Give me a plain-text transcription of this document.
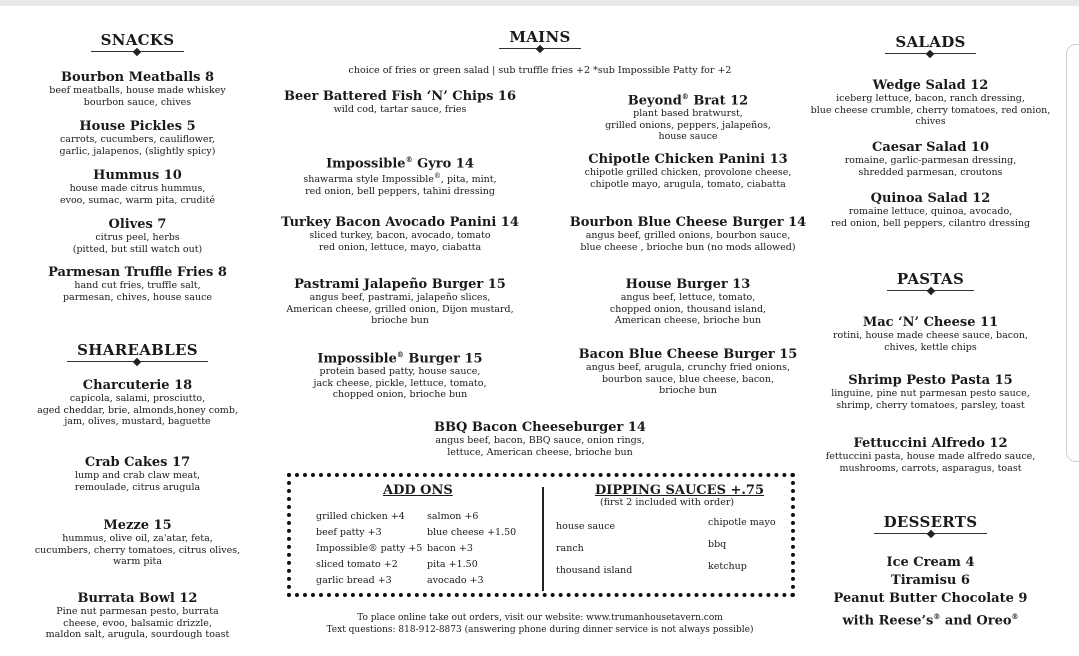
SNACKS
Bourbon Meatballs 8
beef meatballs, house made whiskey
bourbon sauce, chives
House Pickles 5
carrots, cucumbers, cauliflower,
garlic, jalapenos, (slightly spicy)
Hummus 10
house made citrus hummus,
evoo, sumac, warm pita, crudité
Olives 7
citrus peel, herbs
(pitted, but still watch out)
Parmesan Truffle Fries 8
hand cut fries, truffle salt,
parmesan, chives, house sauce
SHAREABLES
Charcuterie 18
capicola, salami, prosciutto,
aged cheddar, brie, almonds,honey comb,
jam, olives, mustard, baguette
Crab Cakes 17
lump and crab claw meat,
remoulade, citrus arugula
Mezze 15
hummus, olive oil, za'atar, feta,
cucumbers, cherry tomatoes, citrus olives,
warm pita
Burrata Bowl 12
Pine nut parmesan pesto, burrata
cheese, evoo, balsamic drizzle,
maldon salt, arugula, sourdough toast
MAINS
choice of fries or green salad | sub truffle fries +2 *sub Impossible Patty for +2
Beer Battered Fish ‘N’ Chips 16
wild cod, tartar sauce, fries
Impossible® Gyro 14
shawarma style Impossible®, pita, mint,
red onion, bell peppers, tahini dressing
Turkey Bacon Avocado Panini 14
sliced turkey, bacon, avocado, tomato
red onion, lettuce, mayo, ciabatta
Pastrami Jalapeño Burger 15
angus beef, pastrami, jalapeño slices,
American cheese, grilled onion, Dijon mustard,
brioche bun
Impossible® Burger 15
protein based patty, house sauce,
jack cheese, pickle, lettuce, tomato,
chopped onion, brioche bun
Beyond® Brat 12
plant based bratwurst,
grilled onions, peppers, jalapeños,
house sauce
Chipotle Chicken Panini 13
chipotle grilled chicken, provolone cheese,
chipotle mayo, arugula, tomato, ciabatta
Bourbon Blue Cheese Burger 14
angus beef, grilled onions, bourbon sauce,
blue cheese , brioche bun (no mods allowed)
House Burger 13
angus beef, lettuce, tomato,
chopped onion, thousand island,
American cheese, brioche bun
Bacon Blue Cheese Burger 15
angus beef, arugula, crunchy fried onions,
bourbon sauce, blue cheese, bacon,
brioche bun
BBQ Bacon Cheeseburger 14
angus beef, bacon, BBQ sauce, onion rings,
lettuce, American cheese, brioche bun
ADD ONS
grilled chicken +4
beef patty +3
Impossible® patty +5
sliced tomato +2
garlic bread +3
salmon +6
blue cheese +1.50
bacon +3
pita +1.50
avocado +3
DIPPING SAUCES +.75
(first 2 included with order)
house sauce
ranch
thousand island
chipotle mayo
bbq
ketchup
To place online take out orders, visit our website: www.trumanhousetavern.com
Text questions: 818-912-8873 (answering phone during dinner service is not always possible)
SALADS
Wedge Salad 12
iceberg lettuce, bacon, ranch dressing,
blue cheese crumble, cherry tomatoes, red onion,
chives
Caesar Salad 10
romaine, garlic-parmesan dressing,
shredded parmesan, croutons
Quinoa Salad 12
romaine lettuce, quinoa, avocado,
red onion, bell peppers, cilantro dressing
PASTAS
Mac ‘N’ Cheese 11
rotini, house made cheese sauce, bacon,
chives, kettle chips
Shrimp Pesto Pasta 15
linguine, pine nut parmesan pesto sauce,
shrimp, cherry tomatoes, parsley, toast
Fettuccini Alfredo 12
fettuccini pasta, house made alfredo sauce,
mushrooms, carrots, asparagus, toast
DESSERTS
Ice Cream 4
Tiramisu 6
Peanut Butter Chocolate 9
with Reese’s® and Oreo®
